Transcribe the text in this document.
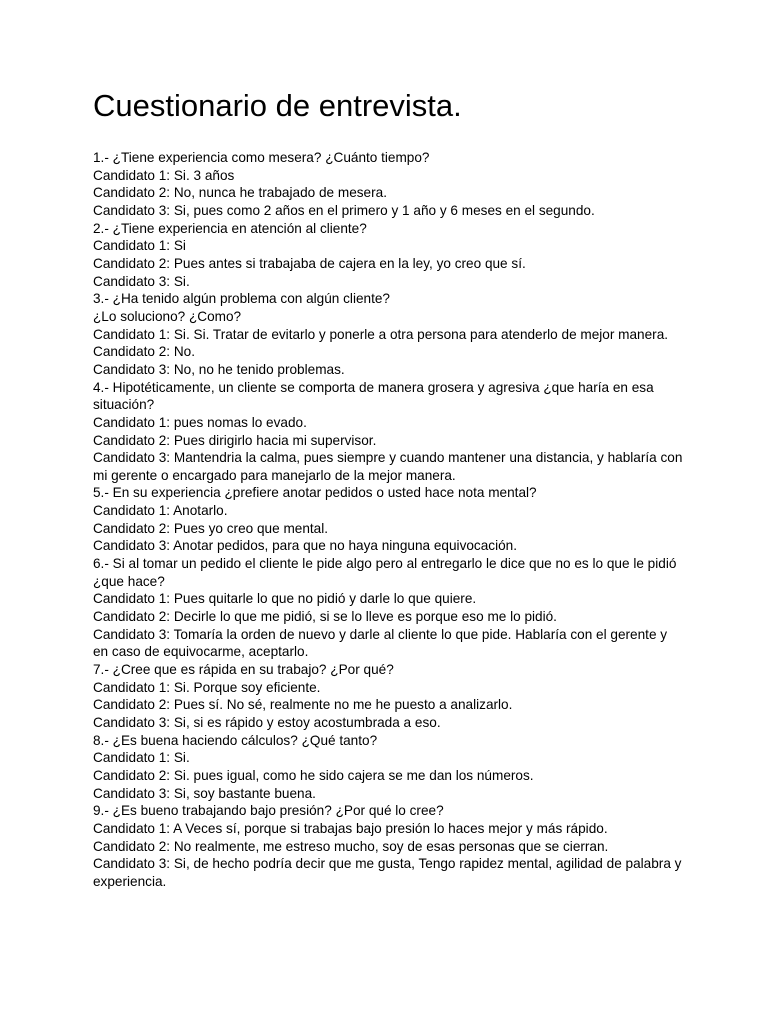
Cuestionario de entrevista.
1.- ¿Tiene experiencia como mesera? ¿Cuánto tiempo?
Candidato 1: Si. 3 años
Candidato 2: No, nunca he trabajado de mesera.
Candidato 3: Si, pues como 2 años en el primero y 1 año y 6 meses en el segundo.
2.- ¿Tiene experiencia en atención al cliente?
Candidato 1: Si
Candidato 2: Pues antes si trabajaba de cajera en la ley, yo creo que sí.
Candidato 3: Si.
3.- ¿Ha tenido algún problema con algún cliente?
¿Lo soluciono? ¿Como?
Candidato 1: Si. Si. Tratar de evitarlo y ponerle a otra persona para atenderlo de mejor manera.
Candidato 2: No.
Candidato 3: No, no he tenido problemas.
4.- Hipotéticamente, un cliente se comporta de manera grosera y agresiva ¿que haría en esa situación?
Candidato 1: pues nomas lo evado.
Candidato 2: Pues dirigirlo hacia mi supervisor.
Candidato 3: Mantendria la calma, pues siempre y cuando mantener una distancia, y hablaría con mi gerente o encargado para manejarlo de la mejor manera.
5.- En su experiencia ¿prefiere anotar pedidos o usted hace nota mental?
Candidato 1: Anotarlo.
Candidato 2: Pues yo creo que mental.
Candidato 3: Anotar pedidos, para que no haya ninguna equivocación.
6.- Si al tomar un pedido el cliente le pide algo pero al entregarlo le dice que no es lo que le pidió ¿que hace?
Candidato 1: Pues quitarle lo que no pidió y darle lo que quiere.
Candidato 2: Decirle lo que me pidió, si se lo lleve es porque eso me lo pidió.
Candidato 3: Tomaría la orden de nuevo y darle al cliente lo que pide. Hablaría con el gerente y en caso de equivocarme, aceptarlo.
7.- ¿Cree que es rápida en su trabajo? ¿Por qué?
Candidato 1: Si. Porque soy eficiente.
Candidato 2: Pues sí. No sé, realmente no me he puesto a analizarlo.
Candidato 3: Si, si es rápido y estoy acostumbrada a eso.
8.- ¿Es buena haciendo cálculos? ¿Qué tanto?
Candidato 1: Si.
Candidato 2: Si. pues igual, como he sido cajera se me dan los números.
Candidato 3: Si, soy bastante buena.
9.- ¿Es bueno trabajando bajo presión? ¿Por qué lo cree?
Candidato 1: A Veces sí, porque si trabajas bajo presión lo haces mejor y más rápido.
Candidato 2: No realmente, me estreso mucho, soy de esas personas que se cierran.
Candidato 3: Si, de hecho podría decir que me gusta, Tengo rapidez mental, agilidad de palabra y experiencia.
